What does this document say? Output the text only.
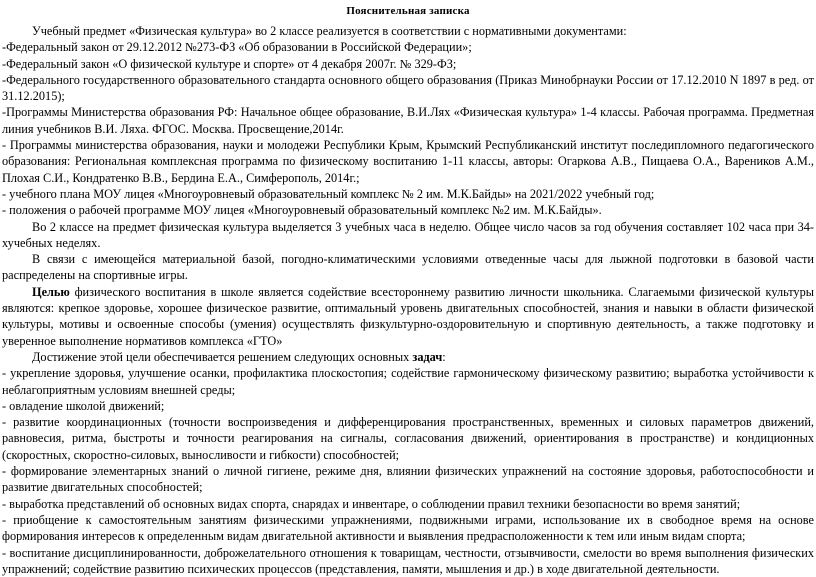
Пояснительная записка

Учебный предмет «Физическая культура» во 2 классе реализуется в соответствии с нормативными документами:

-Федеральный закон от 29.12.2012 №273-ФЗ «Об образовании в Российской Федерации»;

-Федеральный закон «О физической культуре и спорте» от 4 декабря 2007г. № 329-ФЗ;

-Федерального государственного образовательного стандарта основного общего образования (Приказ Минобрнауки России от 17.12.2010 N 1897 в ред. от 31.12.2015);

-Программы Министерства образования РФ: Начальное общее образование, В.И.Лях «Физическая культура» 1-4 классы. Рабочая программа. Предметная линия учебников В.И. Ляха. ФГОС. Москва. Просвещение,2014г.

- Программы министерства образования, науки и молодежи Республики Крым, Крымский Республиканский институт последипломного педагогического образования: Региональная комплексная программа по физическому воспитанию 1-11 классы, авторы: Огаркова А.В., Пищаева О.А., Вареников А.М., Плохая С.И., Кондратенко В.В., Бердина Е.А., Симферополь, 2014г.;

- учебного плана МОУ лицея «Многоуровневый образовательный комплекс № 2 им. М.К.Байды» на 2021/2022 учебный год;

- положения о рабочей программе МОУ лицея «Многоуровневый образовательный комплекс №2 им. М.К.Байды».

Во 2 классе на предмет физическая культура выделяется 3 учебных часа в неделю. Общее число часов за год обучения составляет 102 часа при 34-хучебных неделях.

В связи с имеющейся материальной базой, погодно-климатическими условиями отведенные часы для лыжной подготовки в базовой части распределены на спортивные игры.

Целью физического воспитания в школе является содействие всестороннему развитию личности школьника. Слагаемыми физической культуры являются: крепкое здоровье, хорошее физическое развитие, оптимальный уровень двигательных способностей, знания и навыки в области физической культуры, мотивы и освоенные способы (умения) осуществлять физкультурно-оздоровительную и спортивную деятельность, а также подготовку и уверенное выполнение нормативов комплекса «ГТО»

Достижение этой цели обеспечивается решением следующих основных задач:

- укрепление здоровья, улучшение осанки, профилактика плоскостопия; содействие гармоническому физическому развитию; выработка устойчивости к неблагоприятным условиям внешней среды;

- овладение школой движений;

- развитие координационных (точности воспроизведения и дифференцирования пространственных, временных и силовых параметров движений, равновесия, ритма, быстроты и точности реагирования на сигналы, согласования движений, ориентирования в пространстве) и кондиционных (скоростных, скоростно-силовых, выносливости и гибкости) способностей;

- формирование элементарных знаний о личной гигиене, режиме дня, влиянии физических упражнений на состояние здоровья, работоспособности и развитие двигательных способностей;

- выработка представлений об основных видах спорта, снарядах и инвентаре, о соблюдении правил техники безопасности во время занятий;

- приобщение к самостоятельным занятиям физическими упражнениями, подвижными играми, использование их в свободное время на основе формирования интересов к определенным видам двигательной активности и выявления предрасположенности к тем или иным видам спорта;

- воспитание дисциплинированности, доброжелательного отношения к товарищам, честности, отзывчивости, смелости во время выполнения физических упражнений; содействие развитию психических процессов (представления, памяти, мышления и др.) в ходе двигательной деятельности.
